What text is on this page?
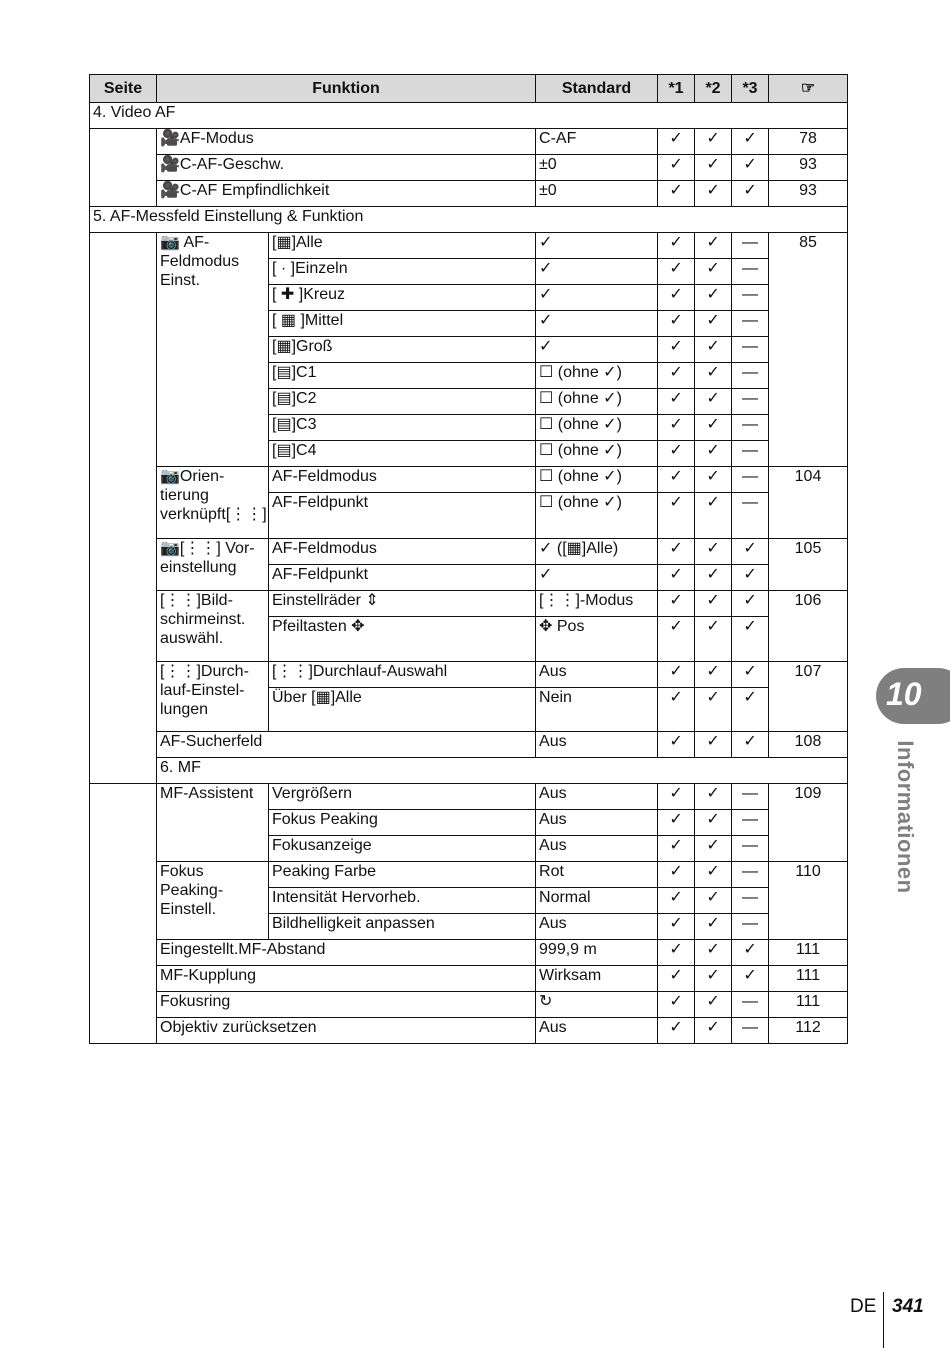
Seite	Funktion		Standard	*1	*2	*3	☞
4. Video AF							
	🎥AF-Modus		C-AF	✓	✓	✓	78
	🎥C-AF-Geschw.		±0	✓	✓	✓	93
	🎥C-AF Empfindlichkeit		±0	✓	✓	✓	93
5. AF-Messfeld Einstellung & Funktion							
	📷 AF-Feldmodus Einst.	[▦]Alle	✓	✓	✓	—	85
		[ · ]Einzeln	✓	✓	✓	—	
		[ ✚ ]Kreuz	✓	✓	✓	—	
		[ ▦ ]Mittel	✓	✓	✓	—	
		[▦]Groß	✓	✓	✓	—	
		[▤]C1	☐ (ohne ✓)	✓	✓	—	
		[▤]C2	☐ (ohne ✓)	✓	✓	—	
		[▤]C3	☐ (ohne ✓)	✓	✓	—	
		[▤]C4	☐ (ohne ✓)	✓	✓	—	
	📷Orien- tierung verknüpft[⋮⋮]	AF-Feldmodus	☐ (ohne ✓)	✓	✓	—	104
		AF-Feldpunkt	☐ (ohne ✓)	✓	✓	—	
	📷[⋮⋮] Vor- einstellung	AF-Feldmodus	✓ ([▦]Alle)	✓	✓	✓	105
		AF-Feldpunkt	✓	✓	✓	✓	
	[⋮⋮]Bild- schirmeinst. auswähl.	Einstellräder ⇕	[⋮⋮]-Modus	✓	✓	✓	106
		Pfeiltasten ✥	✥ Pos	✓	✓	✓	
	[⋮⋮]Durch- lauf-Einstel- lungen	[⋮⋮]Durchlauf-Auswahl	Aus	✓	✓	✓	107
		Über [▦]Alle	Nein	✓	✓	✓	
	AF-Sucherfeld		Aus	✓	✓	✓	108
	6. MF						
	MF-Assistent	Vergrößern	Aus	✓	✓	—	109
		Fokus Peaking	Aus	✓	✓	—	
		Fokusanzeige	Aus	✓	✓	—	
	Fokus Peaking- Einstell.	Peaking Farbe	Rot	✓	✓	—	110
		Intensität Hervorheb.	Normal	✓	✓	—	
		Bildhelligkeit anpassen	Aus	✓	✓	—	
	Eingestellt.MF-Abstand		999,9 m	✓	✓	✓	111
	MF-Kupplung		Wirksam	✓	✓	✓	111
	Fokusring		↻	✓	✓	—	111
	Objektiv zurücksetzen		Aus	✓	✓	—	112
10
Informationen
DE 341
